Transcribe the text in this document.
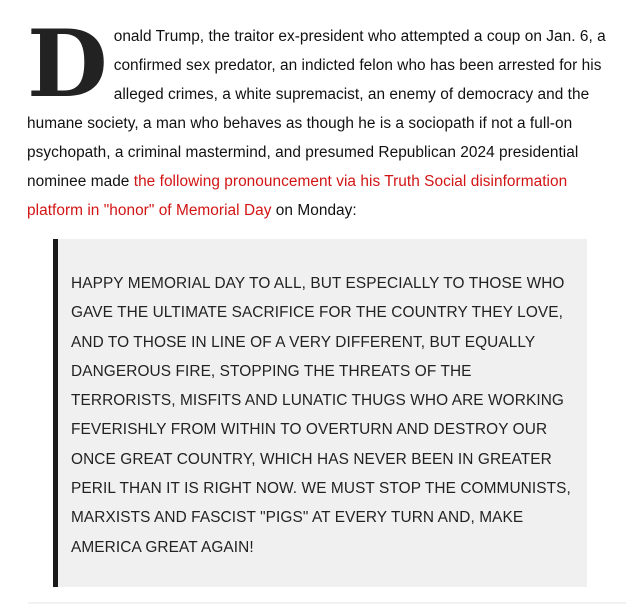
Donald Trump, the traitor ex-president who attempted a coup on Jan. 6, a confirmed sex predator, an indicted felon who has been arrested for his alleged crimes, a white supremacist, an enemy of democracy and the humane society, a man who behaves as though he is a sociopath if not a full-on psychopath, a criminal mastermind, and presumed Republican 2024 presidential nominee made the following pronouncement via his Truth Social disinformation platform in "honor" of Memorial Day on Monday:

HAPPY MEMORIAL DAY TO ALL, BUT ESPECIALLY TO THOSE WHO GAVE THE ULTIMATE SACRIFICE FOR THE COUNTRY THEY LOVE, AND TO THOSE IN LINE OF A VERY DIFFERENT, BUT EQUALLY DANGEROUS FIRE, STOPPING THE THREATS OF THE TERRORISTS, MISFITS AND LUNATIC THUGS WHO ARE WORKING FEVERISHLY FROM WITHIN TO OVERTURN AND DESTROY OUR ONCE GREAT COUNTRY, WHICH HAS NEVER BEEN IN GREATER PERIL THAN IT IS RIGHT NOW. WE MUST STOP THE COMMUNISTS, MARXISTS AND FASCIST "PIGS" AT EVERY TURN AND, MAKE AMERICA GREAT AGAIN!
